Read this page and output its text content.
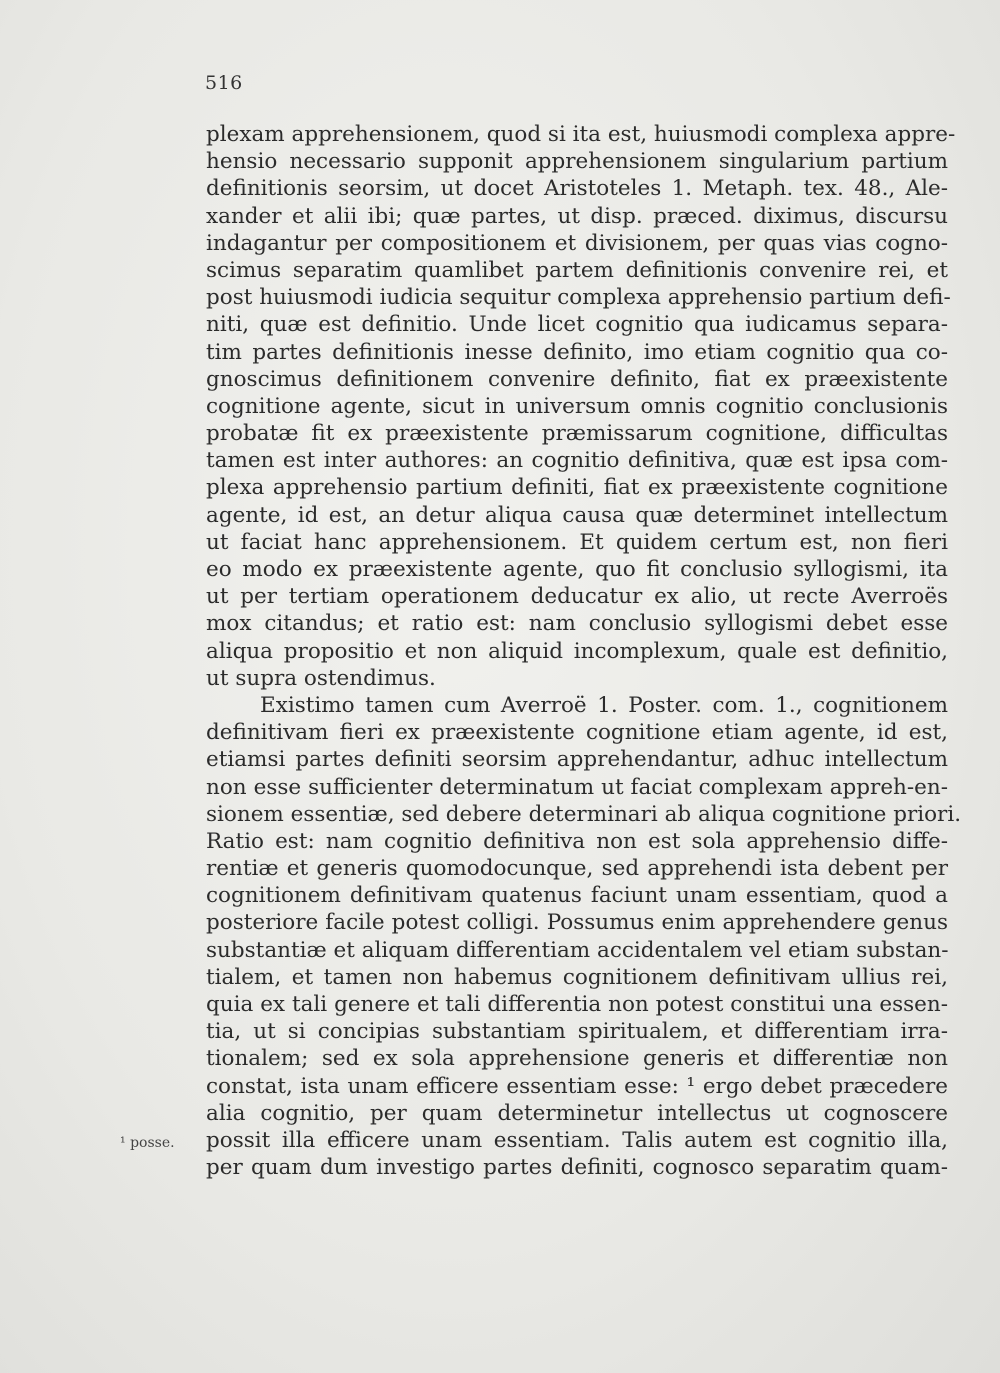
516
plexam apprehensionem, quod si ita est, huiusmodi complexa appre-
hensio necessario supponit apprehensionem singularium partium
definitionis seorsim, ut docet Aristoteles 1. Metaph. tex. 48., Ale-
xander et alii ibi; quæ partes, ut disp. præced. diximus, discursu
indagantur per compositionem et divisionem, per quas vias cogno-
scimus separatim quamlibet partem definitionis convenire rei, et
post huiusmodi iudicia sequitur complexa apprehensio partium defi-
niti, quæ est definitio. Unde licet cognitio qua iudicamus separa-
tim partes definitionis inesse definito, imo etiam cognitio qua co-
gnoscimus definitionem convenire definito, fiat ex præexistente
cognitione agente, sicut in universum omnis cognitio conclusionis
probatæ fit ex præexistente præmissarum cognitione, difficultas
tamen est inter authores: an cognitio definitiva, quæ est ipsa com-
plexa apprehensio partium definiti, fiat ex præexistente cognitione
agente, id est, an detur aliqua causa quæ determinet intellectum
ut faciat hanc apprehensionem. Et quidem certum est, non fieri
eo modo ex præexistente agente, quo fit conclusio syllogismi, ita
ut per tertiam operationem deducatur ex alio, ut recte Averroës
mox citandus; et ratio est: nam conclusio syllogismi debet esse
aliqua propositio et non aliquid incomplexum, quale est definitio,
ut supra ostendimus.
Existimo tamen cum Averroë 1. Poster. com. 1., cognitionem
definitivam fieri ex præexistente cognitione etiam agente, id est,
etiamsi partes definiti seorsim apprehendantur, adhuc intellectum
non esse sufficienter determinatum ut faciat complexam appreh-en-
sionem essentiæ, sed debere determinari ab aliqua cognitione priori.
Ratio est: nam cognitio definitiva non est sola apprehensio diffe-
rentiæ et generis quomodocunque, sed apprehendi ista debent per
cognitionem definitivam quatenus faciunt unam essentiam, quod a
posteriore facile potest colligi. Possumus enim apprehendere genus
substantiæ et aliquam differentiam accidentalem vel etiam substan-
tialem, et tamen non habemus cognitionem definitivam ullius rei,
quia ex tali genere et tali differentia non potest constitui una essen-
tia, ut si concipias substantiam spiritualem, et differentiam irra-
tionalem; sed ex sola apprehensione generis et differentiæ non
constat, ista unam efficere essentiam esse: ¹ ergo debet præcedere
alia cognitio, per quam determinetur intellectus ut cognoscere
possit illa efficere unam essentiam. Talis autem est cognitio illa,
per quam dum investigo partes definiti, cognosco separatim quam-
¹ posse.
